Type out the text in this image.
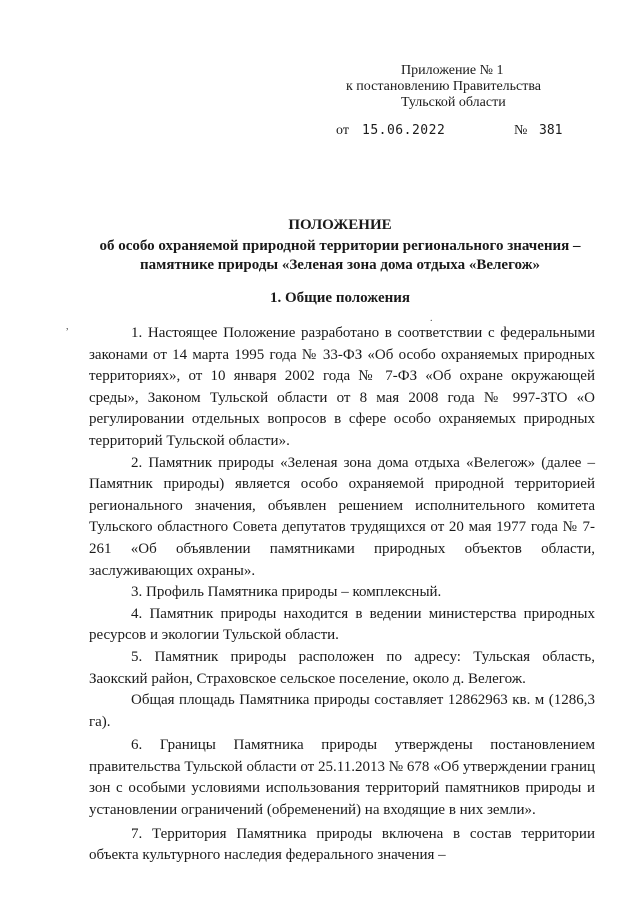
Приложение № 1
к постановлению Правительства
Тульской области
от 15.06.2022	№ 381
ПОЛОЖЕНИЕ
об особо охраняемой природной территории регионального значения –
памятнике природы «Зеленая зона дома отдыха «Велегож»
1. Общие положения

1. Настоящее Положение разработано в соответствии с федеральными законами от 14 марта 1995 года № 33-ФЗ «Об особо охраняемых природных территориях», от 10 января 2002 года № 7-ФЗ «Об охране окружающей среды», Законом Тульской области от 8 мая 2008 года № 997-ЗТО «О регулировании отдельных вопросов в сфере особо охраняемых природных территорий Тульской области».

2. Памятник природы «Зеленая зона дома отдыха «Велегож» (далее – Памятник природы) является особо охраняемой природной территорией регионального значения, объявлен решением исполнительного комитета Тульского областного Совета депутатов трудящихся от 20 мая 1977 года № 7-261 «Об объявлении памятниками природных объектов области, заслуживающих охраны».

3. Профиль Памятника природы – комплексный.

4. Памятник природы находится в ведении министерства природных ресурсов и экологии Тульской области.

5. Памятник природы расположен по адресу: Тульская область, Заокский район, Страховское сельское поселение, около д. Велегож.

Общая площадь Памятника природы составляет 12862963 кв. м (1286,3 га).

6. Границы Памятника природы утверждены постановлением правительства Тульской области от 25.11.2013 № 678 «Об утверждении границ зон с особыми условиями использования территорий памятников природы и установлении ограничений (обременений) на входящие в них земли».

7. Территория Памятника природы включена в состав территории объекта культурного наследия федерального значения –

,
.
